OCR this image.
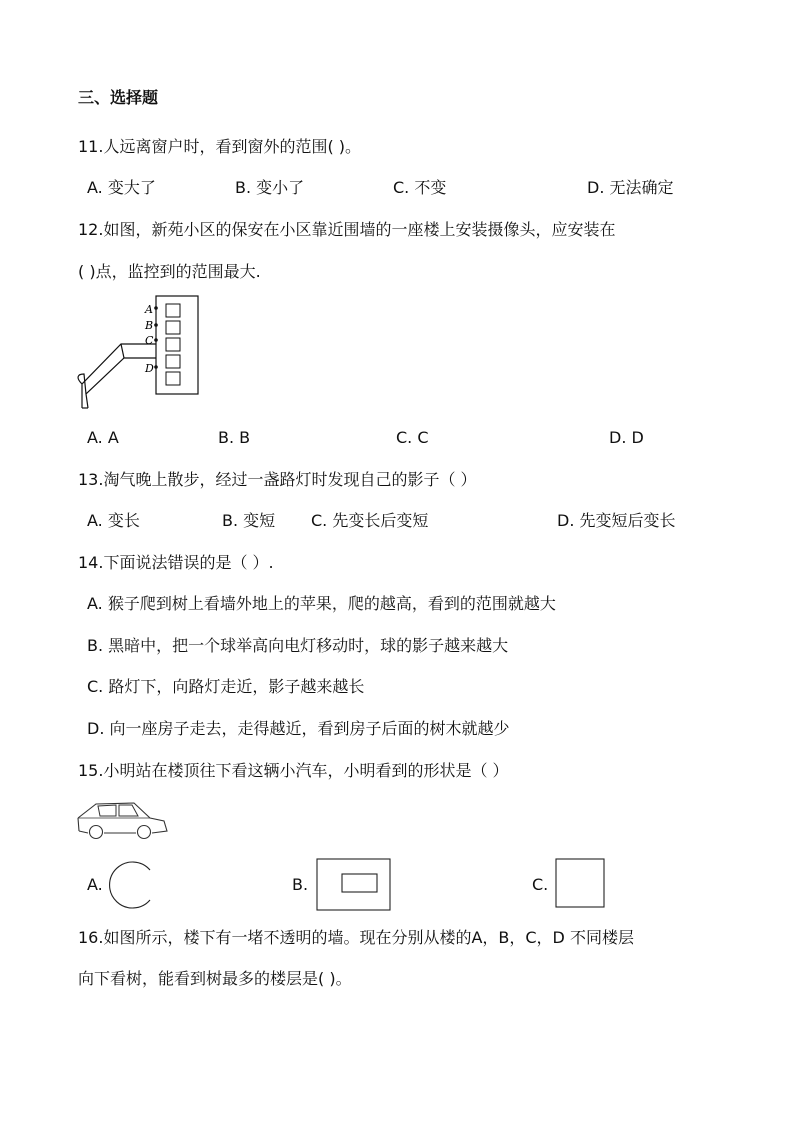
三、选择题
11.人远离窗户时，看到窗外的范围( )。
A. 变大了	B. 变小了	C. 不变	D. 无法确定
12.如图，新苑小区的保安在小区靠近围墙的一座楼上安装摄像头，应安装在
( )点，监控到的范围最大.
A
B
C
D
A. A	B. B	C. C	D. D
13.淘气晚上散步，经过一盏路灯时发现自己的影子（ ）
A. 变长	B. 变短 C. 先变长后变短	D. 先变短后变长
14.下面说法错误的是（ ）.
A. 猴子爬到树上看墙外地上的苹果，爬的越高，看到的范围就越大
B. 黑暗中，把一个球举高向电灯移动时，球的影子越来越大
C. 路灯下，向路灯走近，影子越来越长
D. 向一座房子走去，走得越近，看到房子后面的树木就越少
15.小明站在楼顶往下看这辆小汽车，小明看到的形状是（ ）
A.	B.	C.
16.如图所示，楼下有一堵不透明的墙。现在分别从楼的A，B，C，D 不同楼层
向下看树，能看到树最多的楼层是( )。
